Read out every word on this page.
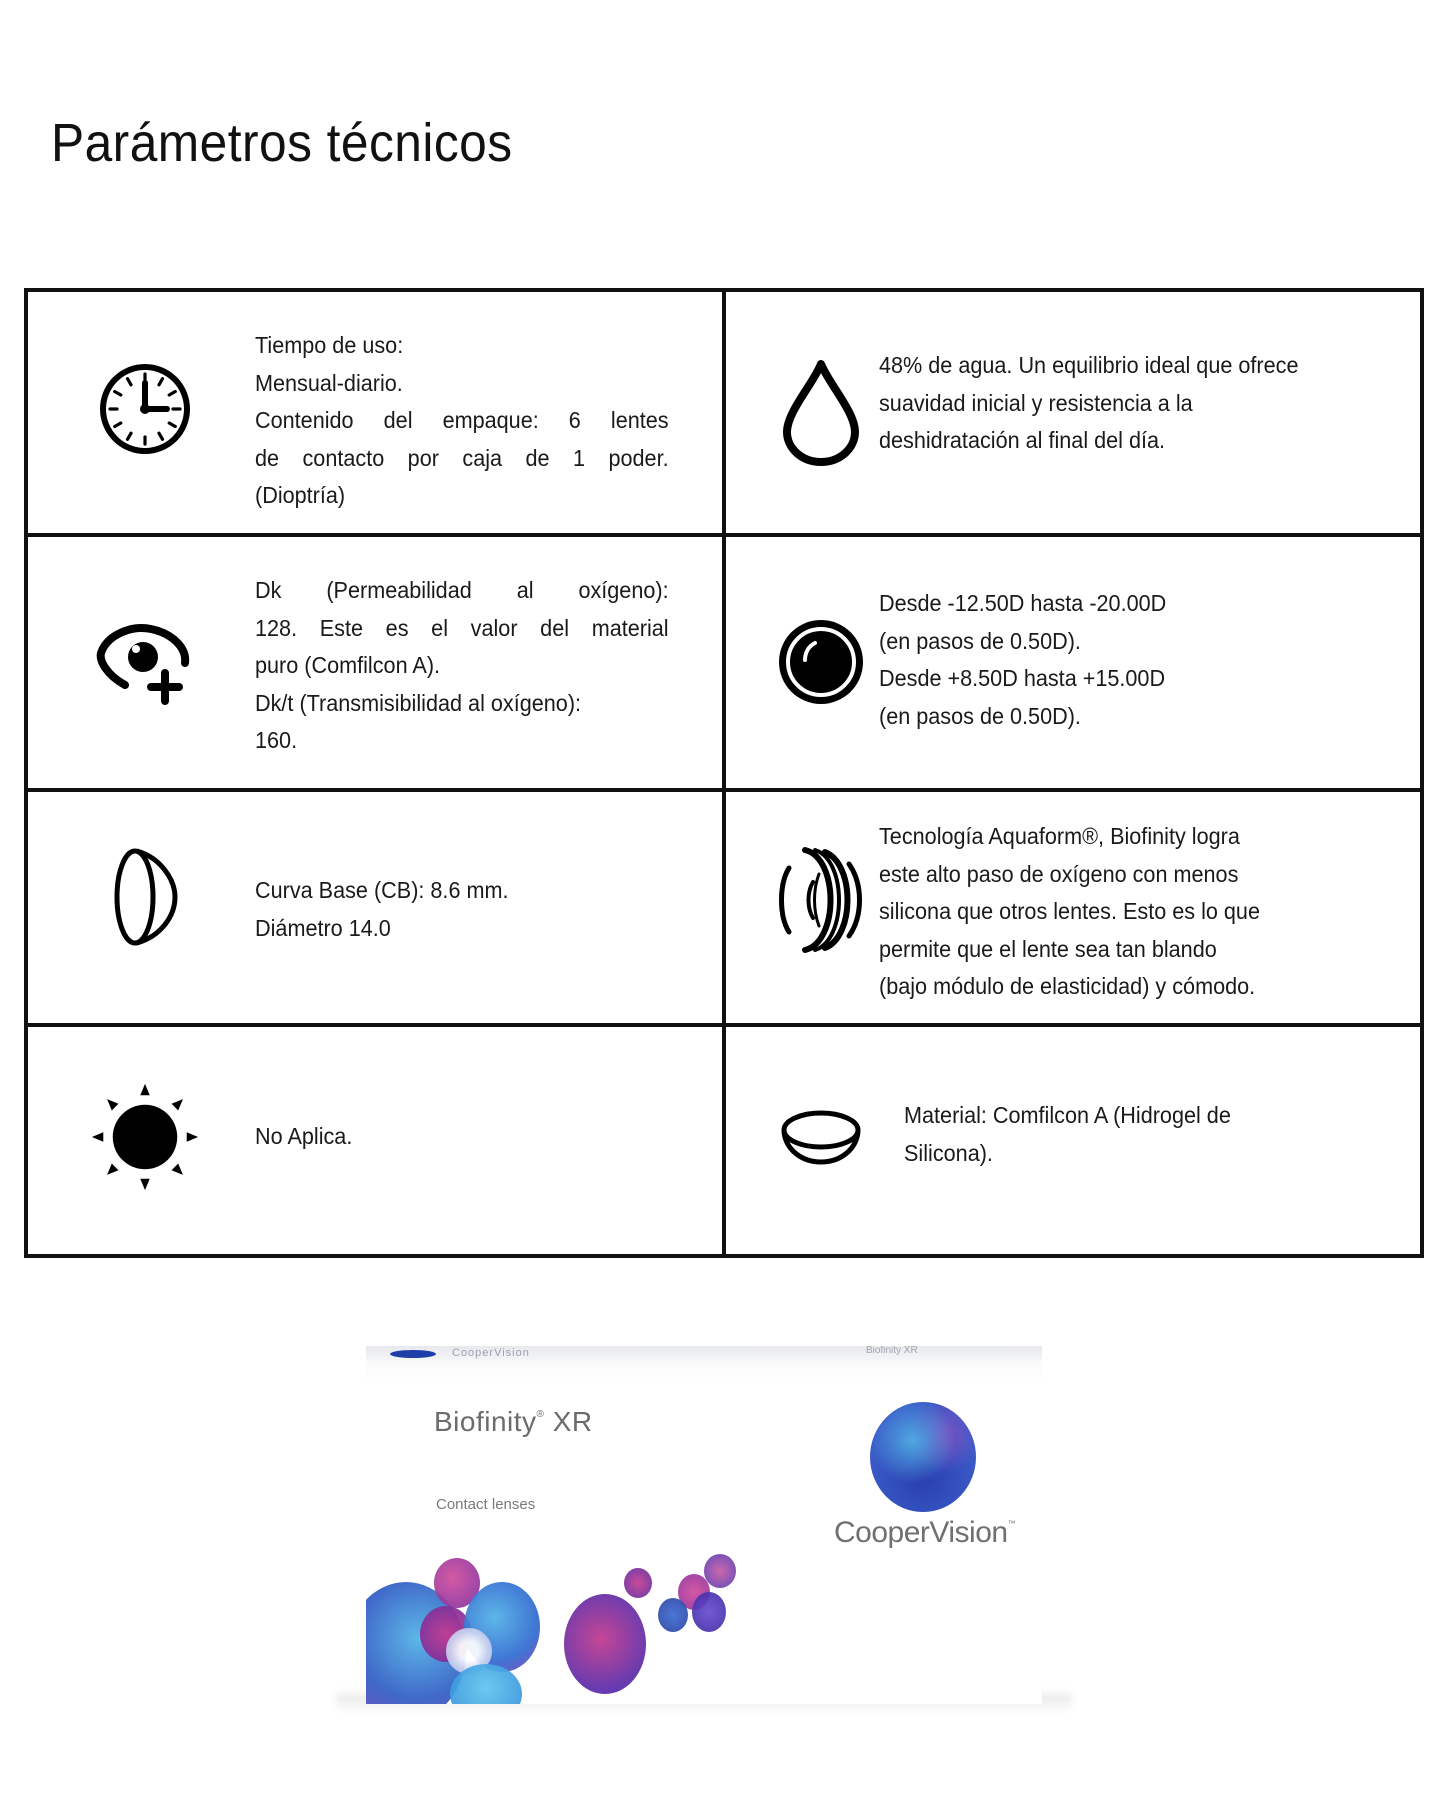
Parámetros técnicos
Tiempo de uso:
Mensual-diario.
Contenido del empaque: 6 lentes
de contacto por caja de 1 poder.
(Dioptría)
48% de agua. Un equilibrio ideal que ofrece
suavidad inicial y resistencia a la
deshidratación al final del día.
Dk (Permeabilidad al oxígeno):
128. Este es el valor del material
puro (Comfilcon A).
Dk/t (Transmisibilidad al oxígeno):
160.
Desde -12.50D hasta -20.00D
(en pasos de 0.50D).
Desde +8.50D hasta +15.00D
(en pasos de 0.50D).
Curva Base (CB): 8.6 mm.
Diámetro 14.0
Tecnología Aquaform®, Biofinity logra
este alto paso de oxígeno con menos
silicona que otros lentes. Esto es lo que
permite que el lente sea tan blando
(bajo módulo de elasticidad) y cómodo.
No Aplica.
Material: Comfilcon A (Hidrogel de
Silicona).
CooperVision	Biofinity XR
Biofinity® XR
Contact lenses
CooperVision™
